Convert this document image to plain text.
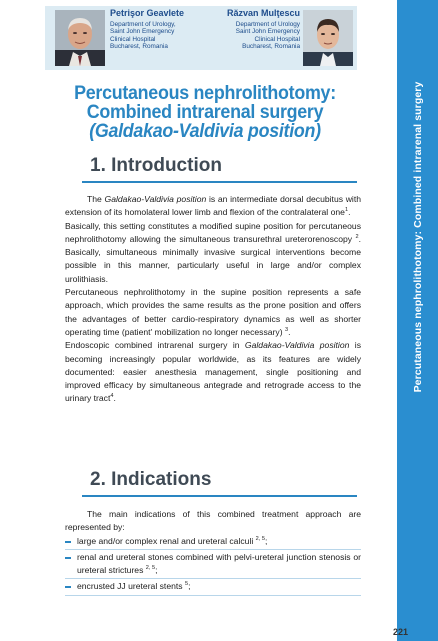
Petrişor Geavlete
Department of Urology,
Saint John Emergency
Clinical Hospital
Bucharest, Romania
Răzvan Mulţescu
Department of Urology
Saint John Emergency
Clinical Hospital
Bucharest, Romania
Percutaneous nephrolithotomy:
Combined intrarenal surgery
(Galdakao-Valdivia position)
1. Introduction

The Galdakao-Valdivia position is an intermediate dorsal decubitus with extension of its homolateral lower limb and flexion of the contralateral one$^1$.

Basically, this setting constitutes a modified supine position for percutaneous nephrolithotomy allowing the simultaneous transurethral ureterorenoscopy $^2$. Basically, simultaneous minimally invasive surgical interventions become possible in this manner, particularly useful in large and/or complex urolithiasis.

Percutaneous nephrolithotomy in the supine position represents a safe approach, which provides the same results as the prone position and offers the advantages of better cardio-respiratory dynamics as well as shorter operating time (patient' mobilization no longer necessary) $^3$.

Endoscopic combined intrarenal surgery in Galdakao-Valdivia position is becoming increasingly popular worldwide, as its features are widely documented: easier anesthesia management, single positioning and improved efficacy by simultaneous antegrade and retrograde access to the urinary tract$^4$.

2. Indications

The main indications of this combined treatment approach are represented by:

large and/or complex renal and ureteral calculi $^{2, 5}$;
renal and ureteral stones combined with pelvi-ureteral junction stenosis or ureteral strictures $^{2, 5}$;
encrusted JJ ureteral stents $^5$;
Percutaneous nephrolithotomy: Combined intrarenal surgery
221
